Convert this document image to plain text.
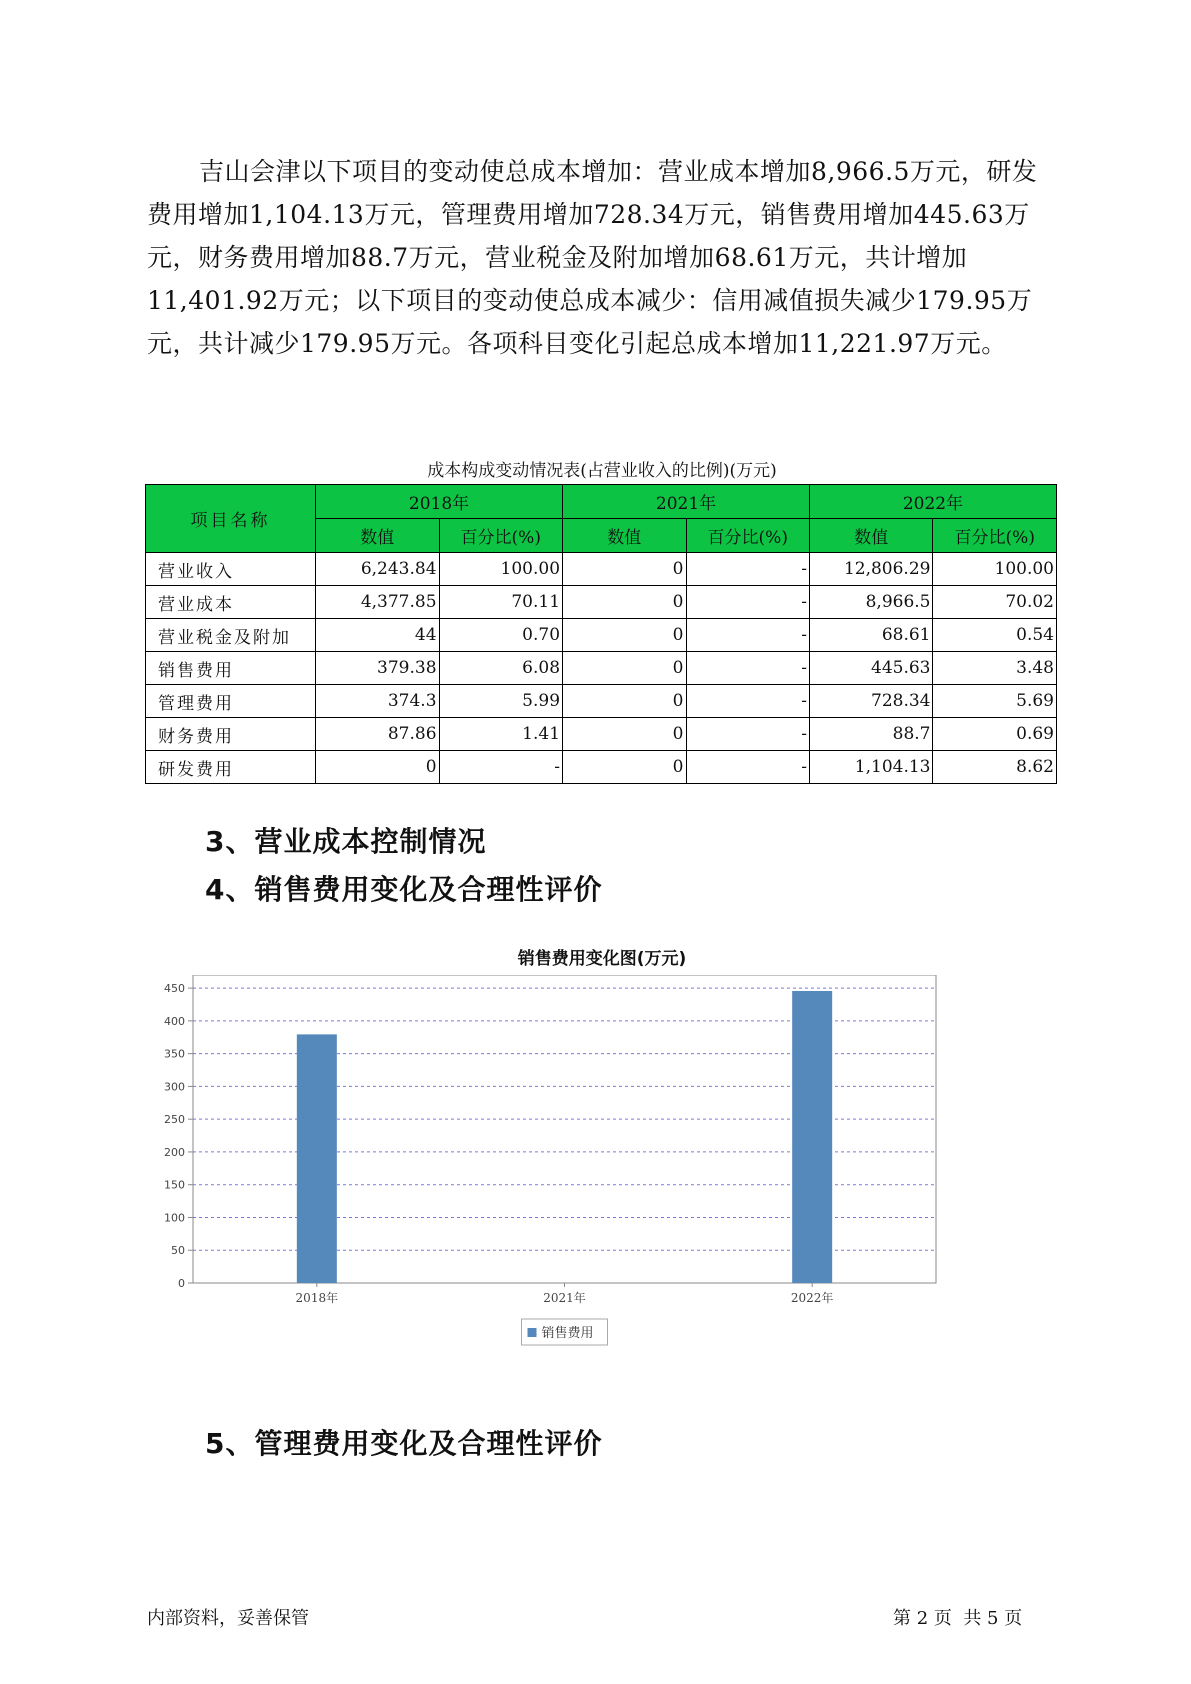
吉山会津以下项目的变动使总成本增加：营业成本增加8,966.5万元，研发费用增加1,104.13万元，管理费用增加728.34万元，销售费用增加445.63万元，财务费用增加88.7万元，营业税金及附加增加68.61万元，共计增加11,401.92万元；以下项目的变动使总成本减少：信用减值损失减少179.95万元，共计减少179.95万元。各项科目变化引起总成本增加11,221.97万元。

成本构成变动情况表(占营业收入的比例)(万元)
项目名称	2018年		2021年		2022年	
	数值	百分比(%)	数值	百分比(%)	数值	百分比(%)
营业收入	6,243.84	100.00	0	-	12,806.29	100.00
营业成本	4,377.85	70.11	0	-	8,966.5	70.02
营业税金及附加	44	0.70	0	-	68.61	0.54
销售费用	379.38	6.08	0	-	445.63	3.48
管理费用	374.3	5.99	0	-	728.34	5.69
财务费用	87.86	1.41	0	-	88.7	0.69
研发费用	0	-	0	-	1,104.13	8.62
3、营业成本控制情况
4、销售费用变化及合理性评价
销售费用变化图(万元)
0
50
100
150
200
250
300
350
400
450
2018年	2021年	2022年
销售费用
5、管理费用变化及合理性评价
内部资料，妥善保管	第 2 页  共 5 页
